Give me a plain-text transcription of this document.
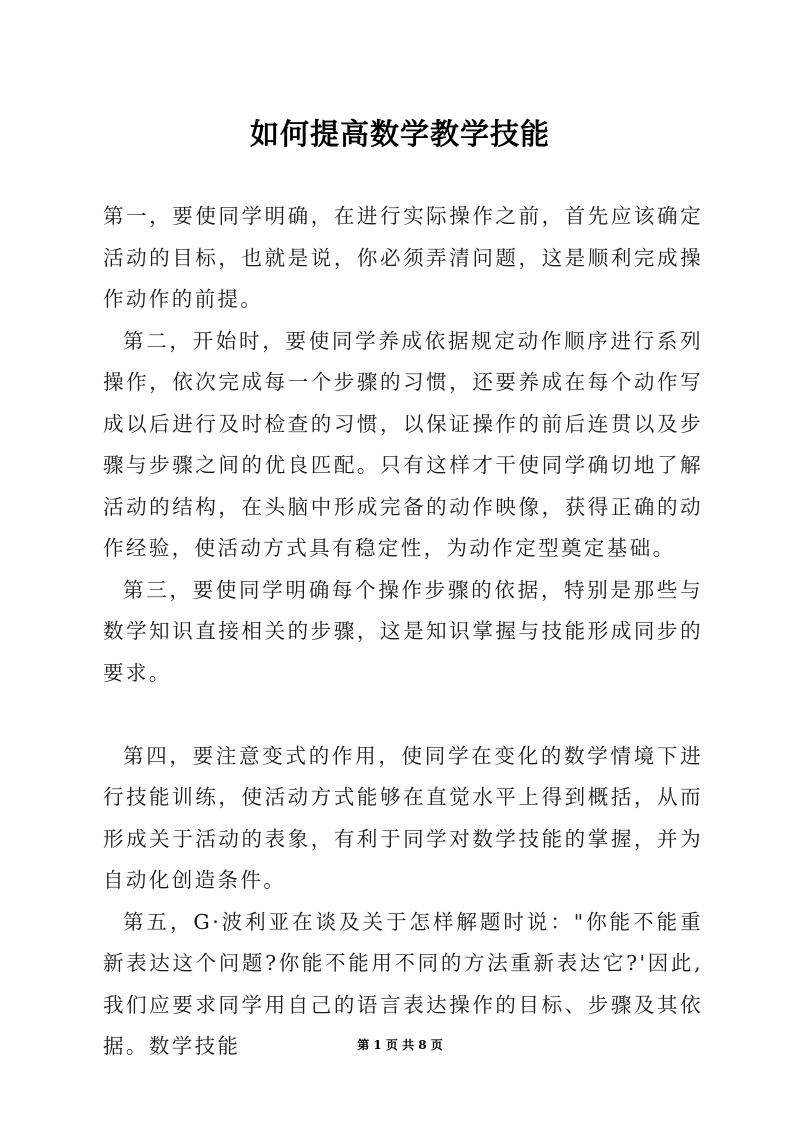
如何提高数学教学技能

第一，要使同学明确，在进行实际操作之前，首先应该确定活动的目标，也就是说，你必须弄清问题，这是顺利完成操作动作的前提。

第二，开始时，要使同学养成依据规定动作顺序进行系列操作，依次完成每一个步骤的习惯，还要养成在每个动作写成以后进行及时检查的习惯，以保证操作的前后连贯以及步骤与步骤之间的优良匹配。只有这样才干使同学确切地了解活动的结构，在头脑中形成完备的动作映像，获得正确的动作经验，使活动方式具有稳定性，为动作定型奠定基础。

第三，要使同学明确每个操作步骤的依据，特别是那些与数学知识直接相关的步骤，这是知识掌握与技能形成同步的要求。

第四，要注意变式的作用，使同学在变化的数学情境下进行技能训练，使活动方式能够在直觉水平上得到概括，从而形成关于活动的表象，有利于同学对数学技能的掌握，并为自动化创造条件。

第五，G·波利亚在谈及关于怎样解题时说："你能不能重新表达这个问题?你能不能用不同的方法重新表达它?'因此,我们应要求同学用自己的语言表达操作的目标、步骤及其依据。数学技能	第 1 页 共 8 页
